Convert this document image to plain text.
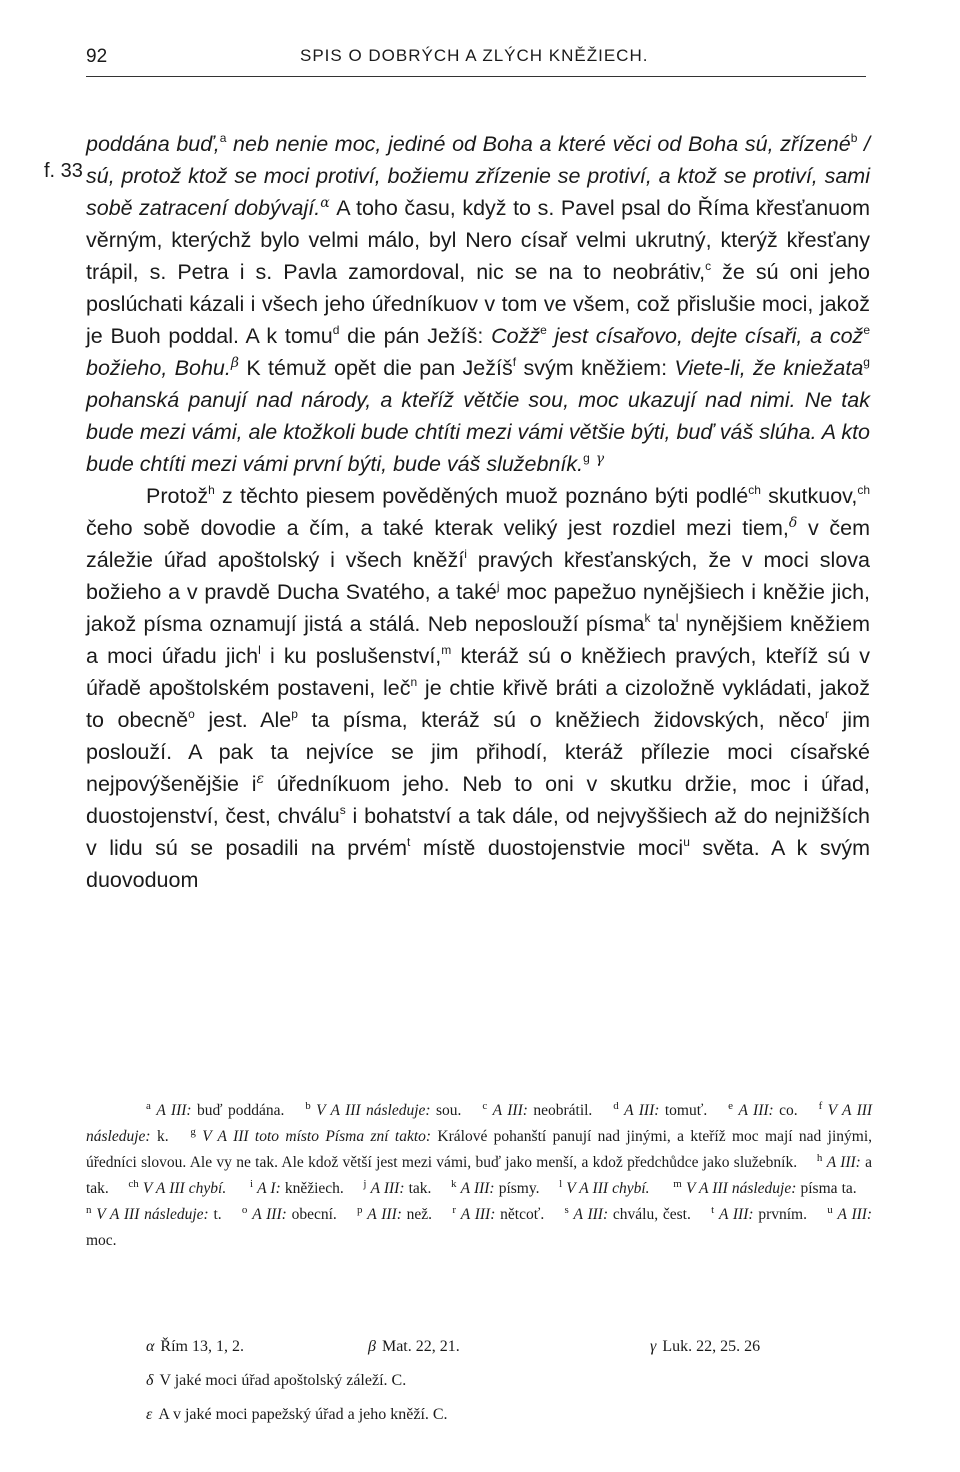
92	SPIS O DOBRÝCH A ZLÝCH KNĚŽIECH.
f. 33

poddána buď,$^a$ neb nenie moc, jediné od Boha a které věci od Boha sú, zřízené$^b$ / sú, protož ktož se moci protiví, božiemu zřízenie se protiví, a ktož se protiví, sami sobě zatracení dobývají.$^\alpha$ A toho času, když to s. Pavel psal do Říma křesťanuom věrným, kterýchž bylo velmi málo, byl Nero císař velmi ukrutný, kterýž křesťany trápil, s. Petra i s. Pavla zamordoval, nic se na to neobrátiv,$^c$ že sú oni jeho poslúchati kázali i všech jeho úředníkuov v tom ve všem, což přislušie moci, jakož je Buoh poddal. A k tomu$^d$ die pán Ježíš: Cožž$^e$ jest císařovo, dejte císaři, a což$^e$ božieho, Bohu.$^\beta$ K témuž opět die pan Ježíš$^f$ svým kněžiem: Viete-li, že kniežata$^g$ pohanská panují nad národy, a kteříž větčie sou, moc ukazují nad nimi. Ne tak bude mezi vámi, ale ktožkoli bude chtíti mezi vámi většie býti, buď váš slúha. A kto bude chtíti mezi vámi první býti, bude váš služebník.$^g$ $^\gamma$

Protož$^h$ z těchto piesem pověděných muož poznáno býti podlé$^{ch}$ skutkuov,$^{ch}$ čeho sobě dovodie a čím, a také kterak veliký jest rozdiel mezi tiem,$^\delta$ v čem záležie úřad apoštolský i všech kněží$^i$ pravých křesťanských, že v moci slova božieho a v pravdě Ducha Svatého, a také$^j$ moc papežuo nynějšiech i kněžie jich, jakož písma oznamují jistá a stálá. Neb neposlouží písma$^k$ $ta^l$ nynějšiem kněžiem a moci úřadu jich$^l$ i ku poslušenství,$^m$ kteráž sú o kněžiech pravých, kteříž sú v úřadě apoštolském postaveni, leč$^n$ je chtie křivě bráti a cizoložně vykládati, jakož to obecně$^o$ jest. Ale$^p$ ta písma, kteráž sú o kněžiech židovských, něco$^r$ jim poslouží. A pak ta nejvíce se jim přihodí, kteráž přílezie moci císařské nejpovýšenějšie $i^\varepsilon$ úředníkuom jeho. Neb to oni v skutku držie, moc i úřad, duostojenství, čest, chválu$^s$ i bohatství a tak dále, od nejvyššiech až do nejnižších v lidu sú se posadili na prvém$^t$ místě duostojenstvie moci$^u$ světa. A k svým duovoduom

$^a$ A III: buď poddána.  $^b$ V A III následuje: sou.  $^c$ A III: neobrátil.  $^d$ A III: tomuť.  $^e$ A III: co.  $^f$ V A III následuje: k.  $^g$ V A III toto místo Písma zní takto: Králové pohanští panují nad jinými, a kteříž moc mají nad jinými, úředníci slovou. Ale vy ne tak. Ale kdož větší jest mezi vámi, buď jako menší, a kdož předchůdce jako služebník.  $^h$ A III: a tak.  $^{ch}$ V A III chybí.   $^i$ A I: kněžiech.  $^j$ A III: tak.  $^k$ A III: písmy.  $^l$ V A III chybí.   $^m$ V A III následuje: písma ta.  $^n$ V A III následuje: t.  $^o$ A III: obecní.  $^p$ A III: než.  $^r$ A III: nětcoť.  $^s$ A III: chválu, čest.  $^t$ A III: prvním.  $^u$ A III: moc. 

α Řím 13, 1, 2.	β Mat. 22, 21.	γ Luk. 22, 25. 26
δ V jaké moci úřad apoštolský záleží. C.
ε A v jaké moci papežský úřad a jeho kněží. C.
